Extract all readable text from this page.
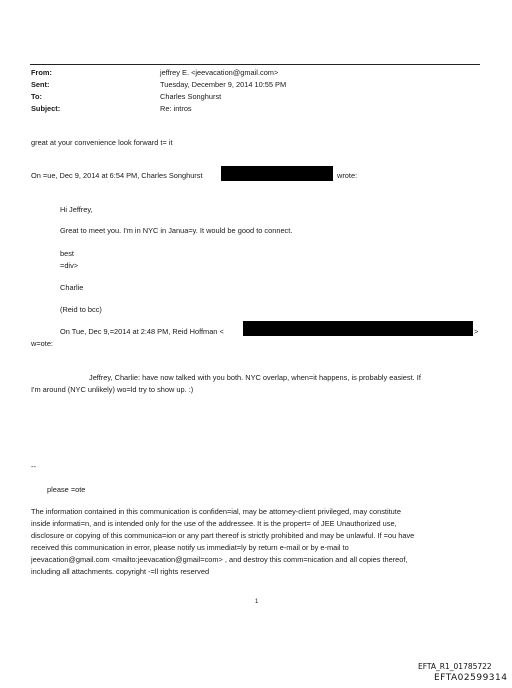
From:	jeffrey E. <jeevacation@gmail.com>
Sent:	Tuesday, December 9, 2014 10:55 PM
To:	Charles Songhurst
Subject:	Re: intros
great at your convenience look forward t= it
On =ue, Dec 9, 2014 at 6:54 PM, Charles Songhurst	wrote:
Hi Jeffrey,
Great to meet you. I'm in NYC in Janua=y. It would be good to connect.
best
=div>
Charlie
(Reid to bcc)
On Tue, Dec 9,=2014 at 2:48 PM, Reid Hoffman <	>
w=ote:
Jeffrey, Charlie: have now talked with you both. NYC overlap, when=it happens, is probably easiest. If
I'm around (NYC unlikely) wo=ld try to show up. :)
--
please =ote
The information contained in this communication is confiden=ial, may be attorney-client privileged, may constitute
inside informati=n, and is intended only for the use of the addressee. It is the propert= of JEE Unauthorized use,
disclosure or copying of this communica=ion or any part thereof is strictly prohibited and may be unlawful. If =ou have
received this communication in error, please notify us immediat=ly by return e-mail or by e-mail to
jeevacation@gmail.com <mailto:jeevacation@gmail=com> , and destroy this comm=nication and all copies thereof,
including all attachments. copyright -=ll rights reserved
1
EFTA_R1_01785722
EFTA02599314
